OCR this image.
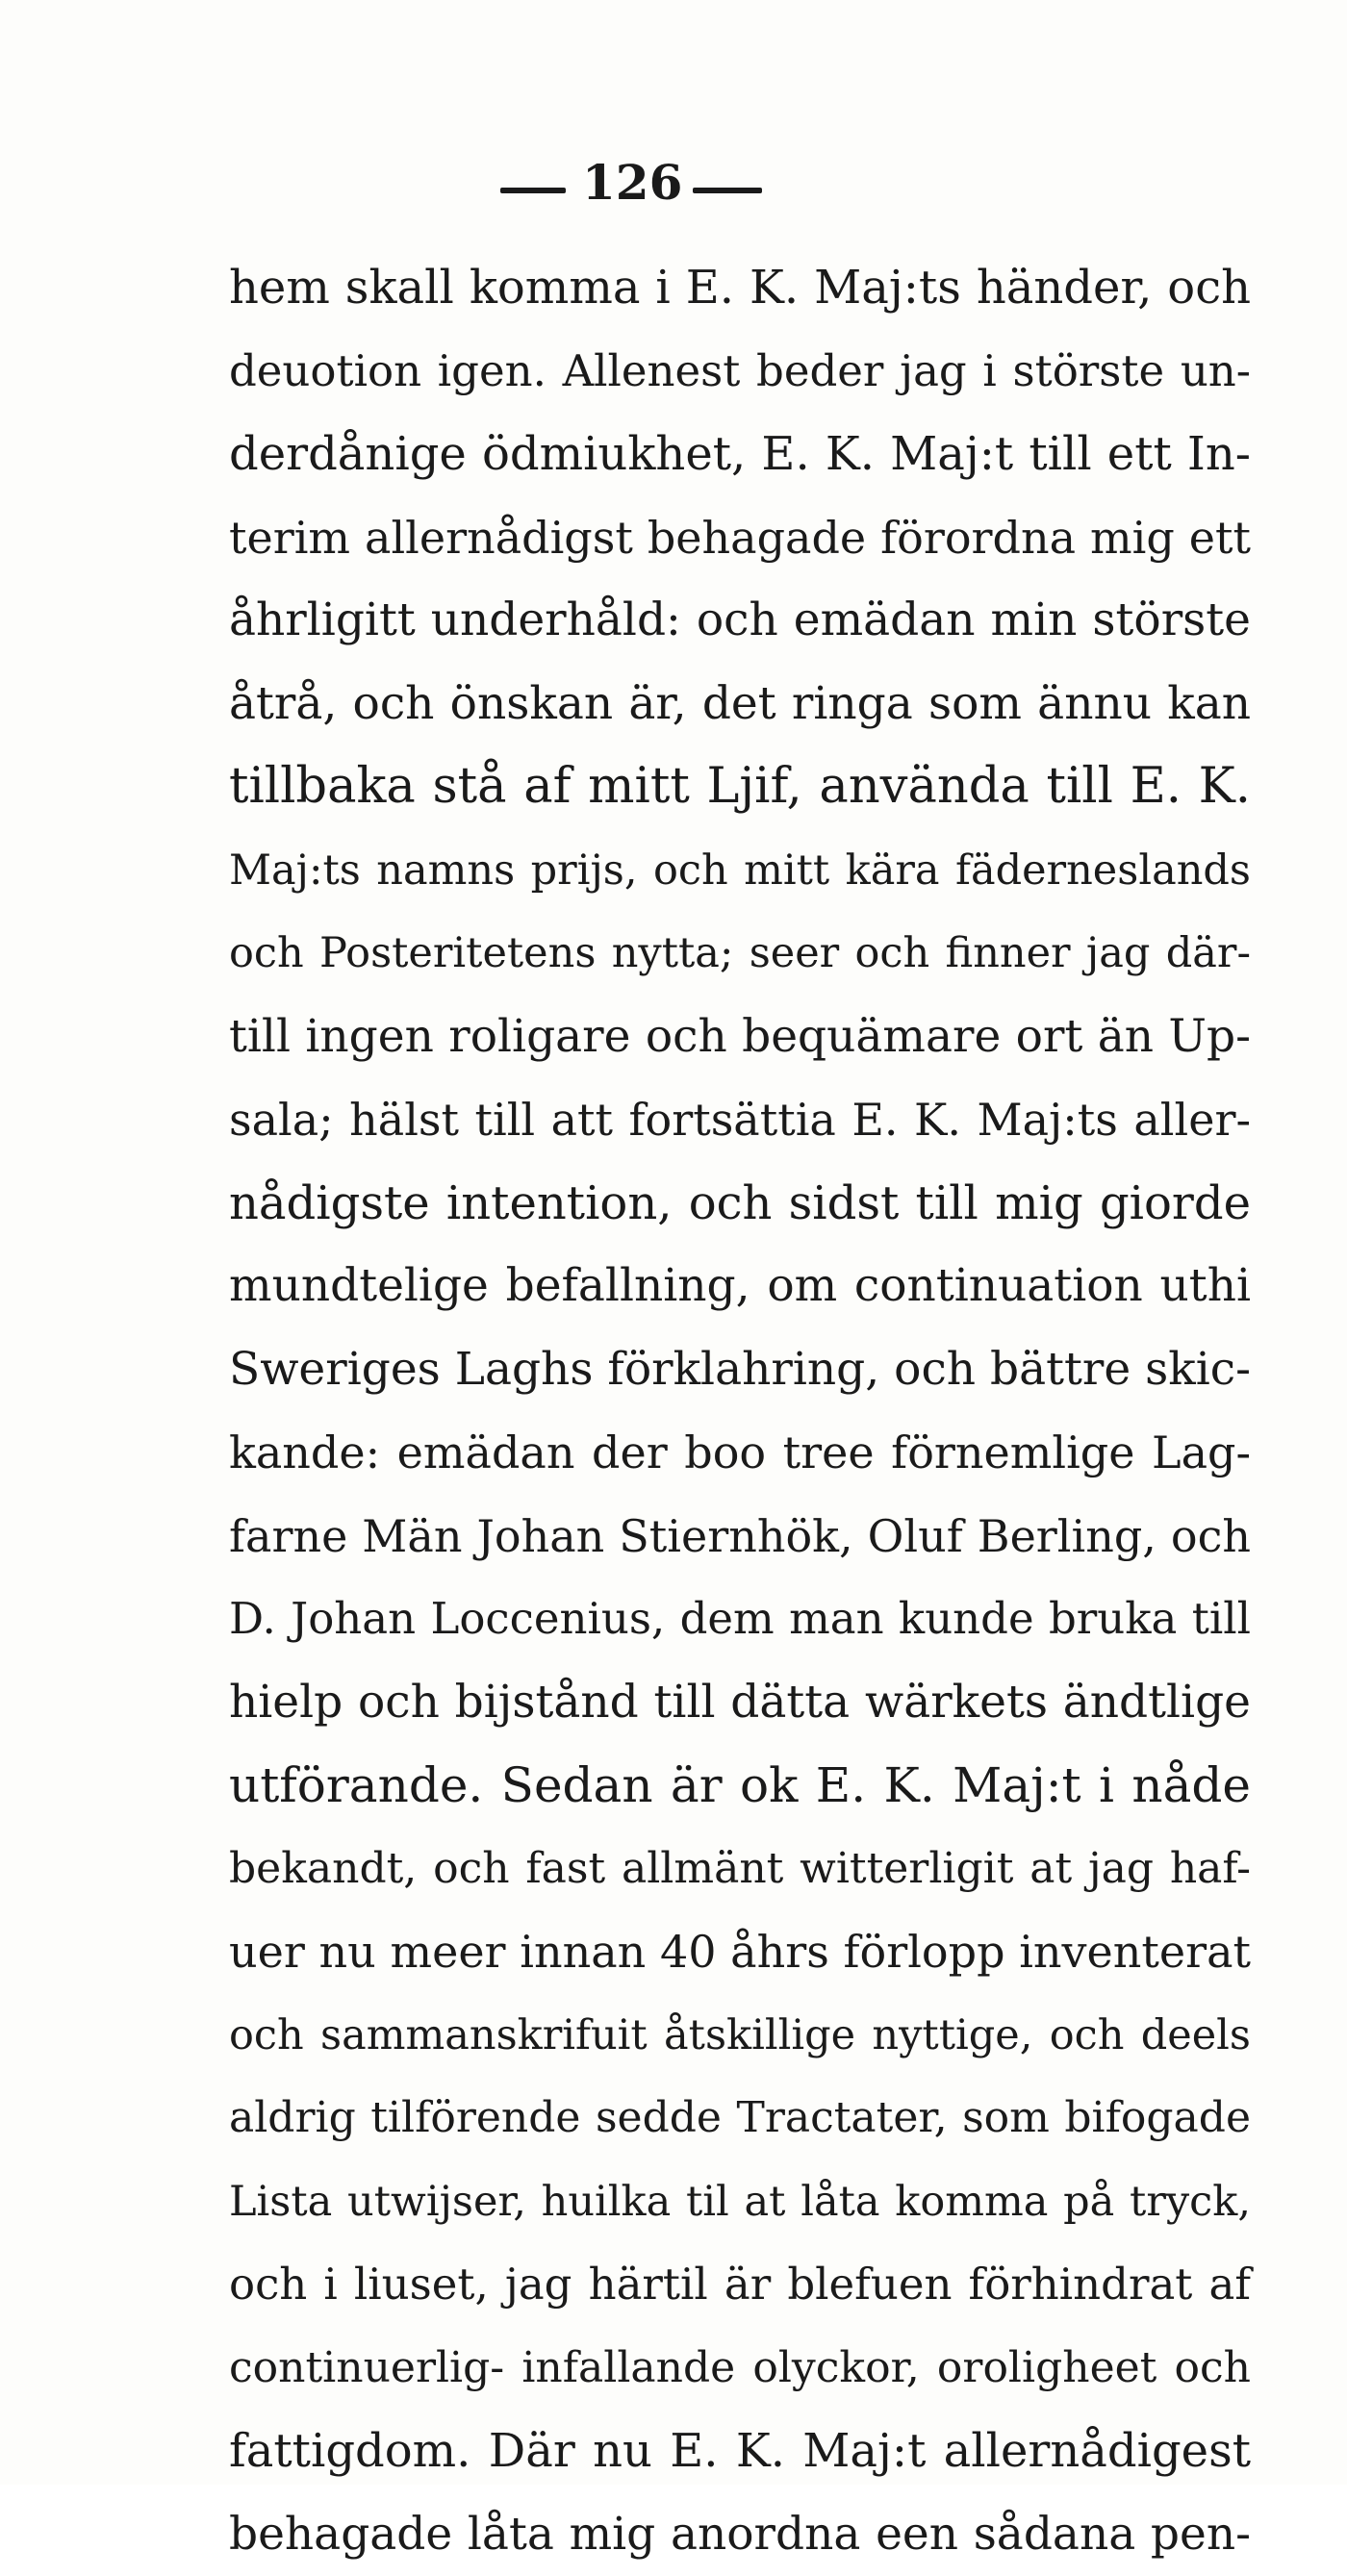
126
hem skall komma i E. K. Maj:ts händer, och
deuotion igen. Allenest beder jag i störste un-
derdånige ödmiukhet, E. K. Maj:t till ett In-
terim allernådigst behagade förordna mig ett
åhrligitt underhåld: och emädan min störste
åtrå, och önskan är, det ringa som ännu kan
tillbaka stå af mitt Ljif, använda till E. K.
Maj:ts namns prijs, och mitt kära fäderneslands
och Posteritetens nytta; seer och finner jag där-
till ingen roligare och bequämare ort än Up-
sala; hälst till att fortsättia E. K. Maj:ts aller-
nådigste intention, och sidst till mig giorde
mundtelige befallning, om continuation uthi
Sweriges Laghs förklahring, och bättre skic-
kande: emädan der boo tree förnemlige Lag-
farne Män Johan Stiernhök, Oluf Berling, och
D. Johan Loccenius, dem man kunde bruka till
hielp och bijstånd till dätta wärkets ändtlige
utförande. Sedan är ok E. K. Maj:t i nåde
bekandt, och fast allmänt witterligit at jag haf-
uer nu meer innan 40 åhrs förlopp inventerat
och sammanskrifuit åtskillige nyttige, och deels
aldrig tilförende sedde Tractater, som bifogade
Lista utwijser, huilka til at låta komma på tryck,
och i liuset, jag härtil är blefuen förhindrat af
continuerlig- infallande olyckor, oroligheet och
fattigdom. Där nu E. K. Maj:t allernådigest
behagade låta mig anordna een sådana pen-
